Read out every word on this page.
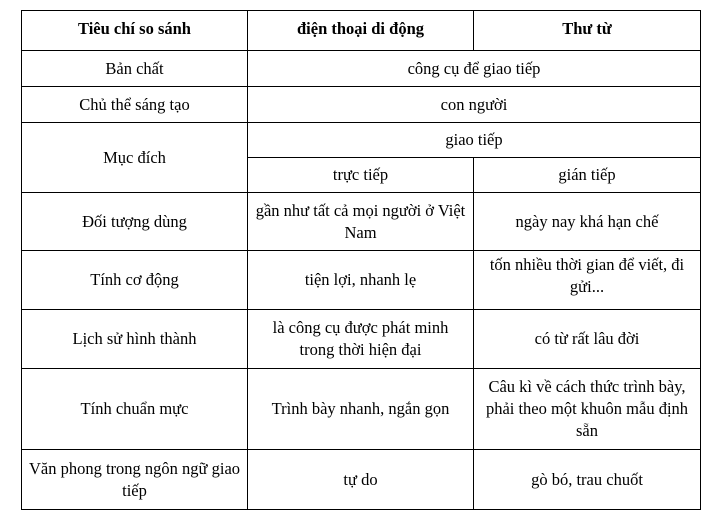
Tiêu chí so sánh	điện thoại di động	Thư từ
Bản chất	công cụ để giao tiếp	
Chủ thể sáng tạo	con người	
Mục đích	giao tiếp	
	trực tiếp	gián tiếp
Đối tượng dùng	gần như tất cả mọi người ở Việt Nam	ngày nay khá hạn chế
Tính cơ động	tiện lợi, nhanh lẹ	tốn nhiều thời gian để viết, đi gửi...
Lịch sử hình thành	là công cụ được phát minh trong thời hiện đại	có từ rất lâu đời
Tính chuẩn mực	Trình bày nhanh, ngắn gọn	Câu kì về cách thức trình bày, phải theo một khuôn mẫu định sẵn
Văn phong trong ngôn ngữ giao tiếp	tự do	gò bó, trau chuốt
